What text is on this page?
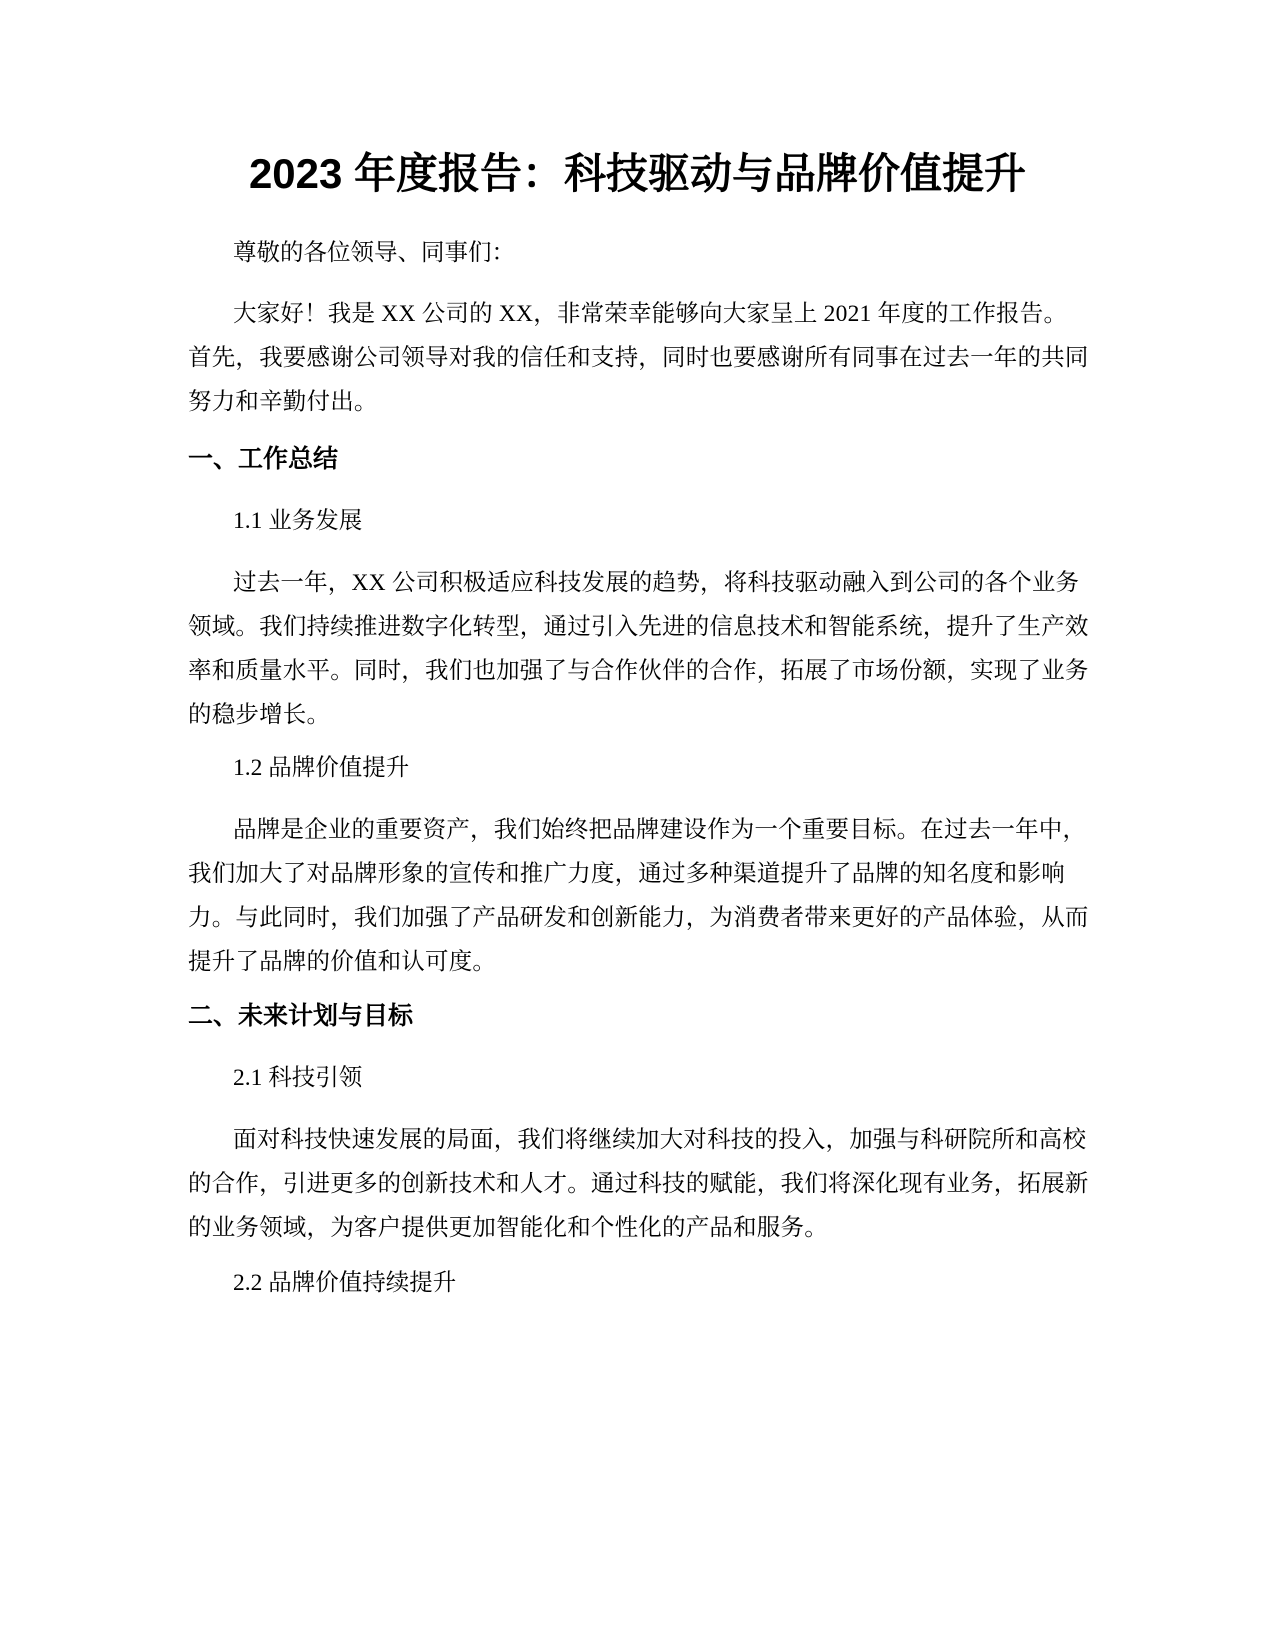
2023 年度报告：科技驱动与品牌价值提升

尊敬的各位领导、同事们：

大家好！我是 XX 公司的 XX，非常荣幸能够向大家呈上 2021 年度的工作报告。首先，我要感谢公司领导对我的信任和支持，同时也要感谢所有同事在过去一年的共同努力和辛勤付出。

一、工作总结

1.1 业务发展

过去一年，XX 公司积极适应科技发展的趋势，将科技驱动融入到公司的各个业务领域。我们持续推进数字化转型，通过引入先进的信息技术和智能系统，提升了生产效率和质量水平。同时，我们也加强了与合作伙伴的合作，拓展了市场份额，实现了业务的稳步增长。

1.2 品牌价值提升

品牌是企业的重要资产，我们始终把品牌建设作为一个重要目标。在过去一年中，我们加大了对品牌形象的宣传和推广力度，通过多种渠道提升了品牌的知名度和影响力。与此同时，我们加强了产品研发和创新能力，为消费者带来更好的产品体验，从而提升了品牌的价值和认可度。

二、未来计划与目标

2.1 科技引领

面对科技快速发展的局面，我们将继续加大对科技的投入，加强与科研院所和高校的合作，引进更多的创新技术和人才。通过科技的赋能，我们将深化现有业务，拓展新的业务领域，为客户提供更加智能化和个性化的产品和服务。

2.2 品牌价值持续提升
